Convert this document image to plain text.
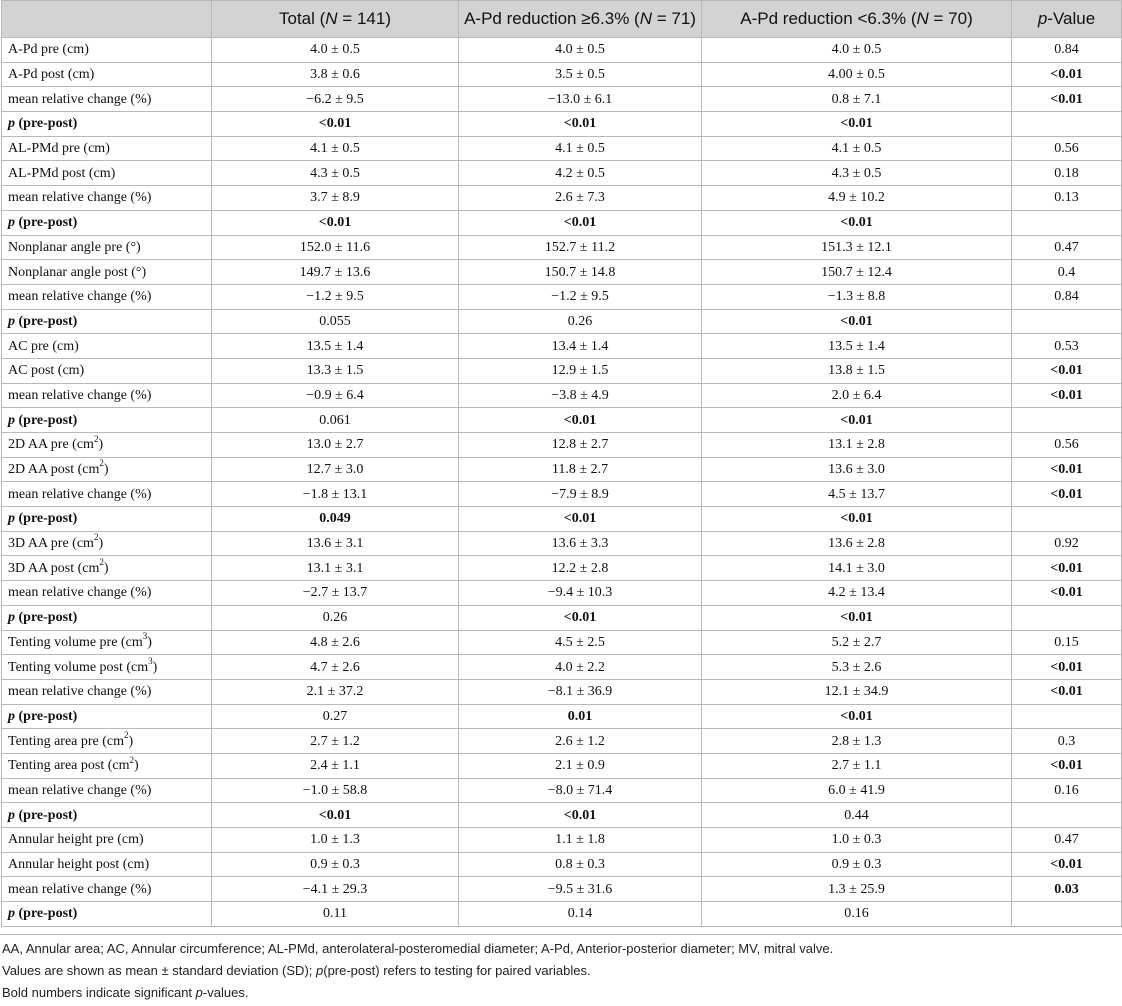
	Total (N = 141)	A-Pd reduction ≥6.3% (N = 71)	A-Pd reduction <6.3% (N = 70)	p-Value
A-Pd pre (cm)	4.0 ± 0.5	4.0 ± 0.5	4.0 ± 0.5	0.84
A-Pd post (cm)	3.8 ± 0.6	3.5 ± 0.5	4.00 ± 0.5	<0.01
mean relative change (%)	−6.2 ± 9.5	−13.0 ± 6.1	0.8 ± 7.1	<0.01
p (pre-post)	<0.01	<0.01	<0.01	
AL-PMd pre (cm)	4.1 ± 0.5	4.1 ± 0.5	4.1 ± 0.5	0.56
AL-PMd post (cm)	4.3 ± 0.5	4.2 ± 0.5	4.3 ± 0.5	0.18
mean relative change (%)	3.7 ± 8.9	2.6 ± 7.3	4.9 ± 10.2	0.13
p (pre-post)	<0.01	<0.01	<0.01	
Nonplanar angle pre (°)	152.0 ± 11.6	152.7 ± 11.2	151.3 ± 12.1	0.47
Nonplanar angle post (°)	149.7 ± 13.6	150.7 ± 14.8	150.7 ± 12.4	0.4
mean relative change (%)	−1.2 ± 9.5	−1.2 ± 9.5	−1.3 ± 8.8	0.84
p (pre-post)	0.055	0.26	<0.01	
AC pre (cm)	13.5 ± 1.4	13.4 ± 1.4	13.5 ± 1.4	0.53
AC post (cm)	13.3 ± 1.5	12.9 ± 1.5	13.8 ± 1.5	<0.01
mean relative change (%)	−0.9 ± 6.4	−3.8 ± 4.9	2.0 ± 6.4	<0.01
p (pre-post)	0.061	<0.01	<0.01	
2D AA pre $(cm^2)$	13.0 ± 2.7	12.8 ± 2.7	13.1 ± 2.8	0.56
2D AA post $(cm^2)$	12.7 ± 3.0	11.8 ± 2.7	13.6 ± 3.0	<0.01
mean relative change (%)	−1.8 ± 13.1	−7.9 ± 8.9	4.5 ± 13.7	<0.01
p (pre-post)	0.049	<0.01	<0.01	
3D AA pre $(cm^2)$	13.6 ± 3.1	13.6 ± 3.3	13.6 ± 2.8	0.92
3D AA post $(cm^2)$	13.1 ± 3.1	12.2 ± 2.8	14.1 ± 3.0	<0.01
mean relative change (%)	−2.7 ± 13.7	−9.4 ± 10.3	4.2 ± 13.4	<0.01
p (pre-post)	0.26	<0.01	<0.01	
Tenting volume pre $(cm^3)$	4.8 ± 2.6	4.5 ± 2.5	5.2 ± 2.7	0.15
Tenting volume post $(cm^3)$	4.7 ± 2.6	4.0 ± 2.2	5.3 ± 2.6	<0.01
mean relative change (%)	2.1 ± 37.2	−8.1 ± 36.9	12.1 ± 34.9	<0.01
p (pre-post)	0.27	0.01	<0.01	
Tenting area pre $(cm^2)$	2.7 ± 1.2	2.6 ± 1.2	2.8 ± 1.3	0.3
Tenting area post $(cm^2)$	2.4 ± 1.1	2.1 ± 0.9	2.7 ± 1.1	<0.01
mean relative change (%)	−1.0 ± 58.8	−8.0 ± 71.4	6.0 ± 41.9	0.16
p (pre-post)	<0.01	<0.01	0.44	
Annular height pre (cm)	1.0 ± 1.3	1.1 ± 1.8	1.0 ± 0.3	0.47
Annular height post (cm)	0.9 ± 0.3	0.8 ± 0.3	0.9 ± 0.3	<0.01
mean relative change (%)	−4.1 ± 29.3	−9.5 ± 31.6	1.3 ± 25.9	0.03
p (pre-post)	0.11	0.14	0.16	

AA, Annular area; AC, Annular circumference; AL-PMd, anterolateral-posteromedial diameter; A-Pd, Anterior-posterior diameter; MV, mitral valve.

Values are shown as mean ± standard deviation (SD); p(pre-post) refers to testing for paired variables.

Bold numbers indicate significant p-values.
